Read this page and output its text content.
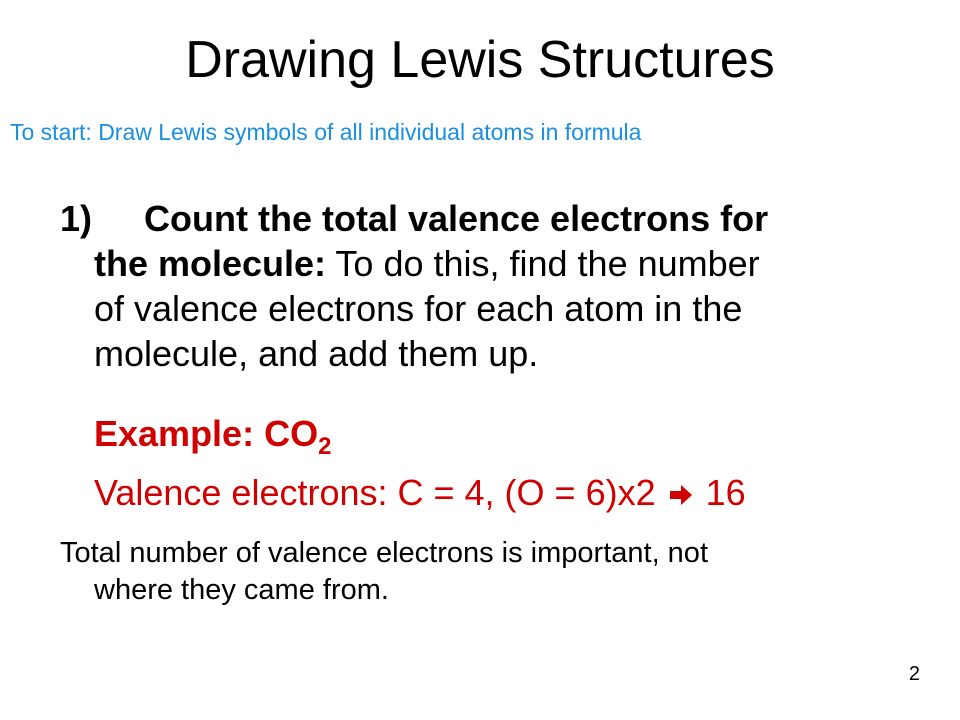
Drawing Lewis Structures
To start: Draw Lewis symbols of all individual atoms in formula
1) Count the total valence electrons for
the molecule: To do this, find the number
of valence electrons for each atom in the
molecule, and add them up.
Example: $CO_2$
Valence electrons: C = 4, (O = 6)x2 16
Total number of valence electrons is important, not
where they came from.
2
